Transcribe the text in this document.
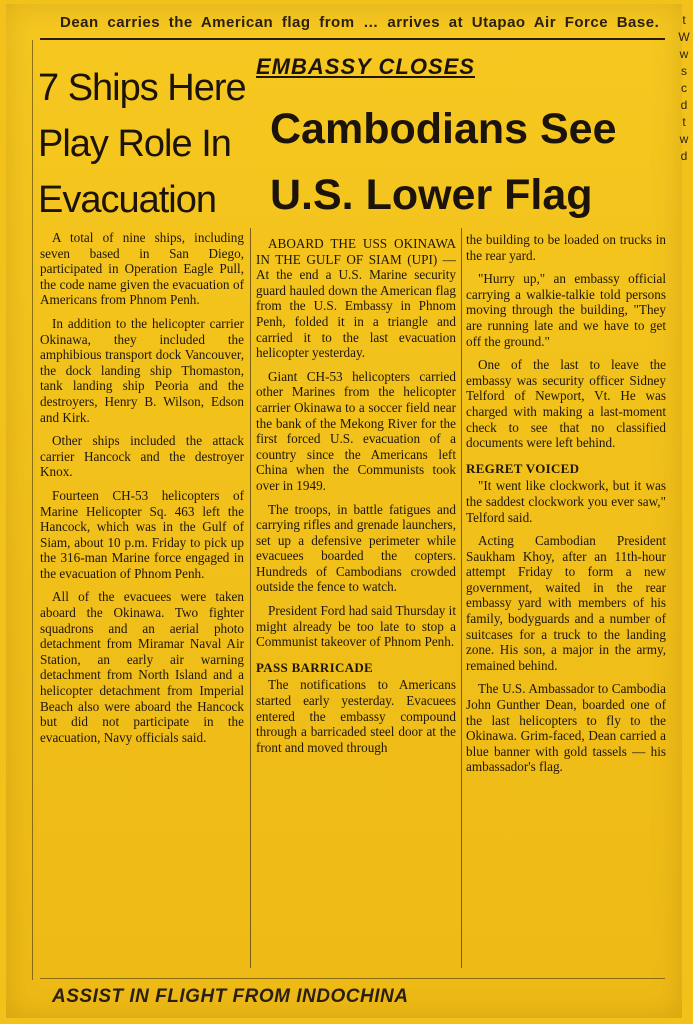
Dean carries the American flag from … arrives at Utapao Air Force Base.
7 Ships Here
Play Role In
Evacuation
EMBASSY CLOSES
Cambodians See
U.S. Lower Flag

A total of nine ships, including seven based in San Diego, participated in Operation Eagle Pull, the code name given the evacuation of Americans from Phnom Penh.

In addition to the helicopter carrier Okinawa, they included the amphibious transport dock Vancouver, the dock landing ship Thomaston, tank landing ship Peoria and the destroyers, Henry B. Wilson, Edson and Kirk.

Other ships included the attack carrier Hancock and the destroyer Knox.

Fourteen CH-53 helicopters of Marine Helicopter Sq. 463 left the Hancock, which was in the Gulf of Siam, about 10 p.m. Friday to pick up the 316-man Marine force engaged in the evacuation of Phnom Penh.

All of the evacuees were taken aboard the Okinawa. Two fighter squadrons and an aerial photo detachment from Miramar Naval Air Station, an early air warning detachment from North Island and a helicopter detachment from Imperial Beach also were aboard the Hancock but did not participate in the evacuation, Navy officials said.

ABOARD THE USS OKINAWA IN THE GULF OF SIAM (UPI) — At the end a U.S. Marine security guard hauled down the American flag from the U.S. Embassy in Phnom Penh, folded it in a triangle and carried it to the last evacuation helicopter yesterday.

Giant CH-53 helicopters carried other Marines from the helicopter carrier Okinawa to a soccer field near the bank of the Mekong River for the first forced U.S. evacuation of a country since the Americans left China when the Communists took over in 1949.

The troops, in battle fatigues and carrying rifles and grenade launchers, set up a defensive perimeter while evacuees boarded the copters. Hundreds of Cambodians crowded outside the fence to watch.

President Ford had said Thursday it might already be too late to stop a Communist takeover of Phnom Penh.

PASS BARRICADE

The notifications to Americans started early yesterday. Evacuees entered the embassy compound through a barricaded steel door at the front and moved through

the building to be loaded on trucks in the rear yard.

"Hurry up," an embassy official carrying a walkie-talkie told persons moving through the building, "They are running late and we have to get off the ground."

One of the last to leave the embassy was security officer Sidney Telford of Newport, Vt. He was charged with making a last-moment check to see that no classified documents were left behind.

REGRET VOICED

"It went like clockwork, but it was the saddest clockwork you ever saw," Telford said.

Acting Cambodian President Saukham Khoy, after an 11th-hour attempt Friday to form a new government, waited in the rear embassy yard with members of his family, bodyguards and a number of suitcases for a truck to the landing zone. His son, a major in the army, remained behind.

The U.S. Ambassador to Cambodia John Gunther Dean, boarded one of the last helicopters to fly to the Okinawa. Grim-faced, Dean carried a blue banner with gold tassels — his ambassador's flag.

ASSIST IN FLIGHT FROM INDOCHINA
t
W
w
s
c
d
t
w
d
